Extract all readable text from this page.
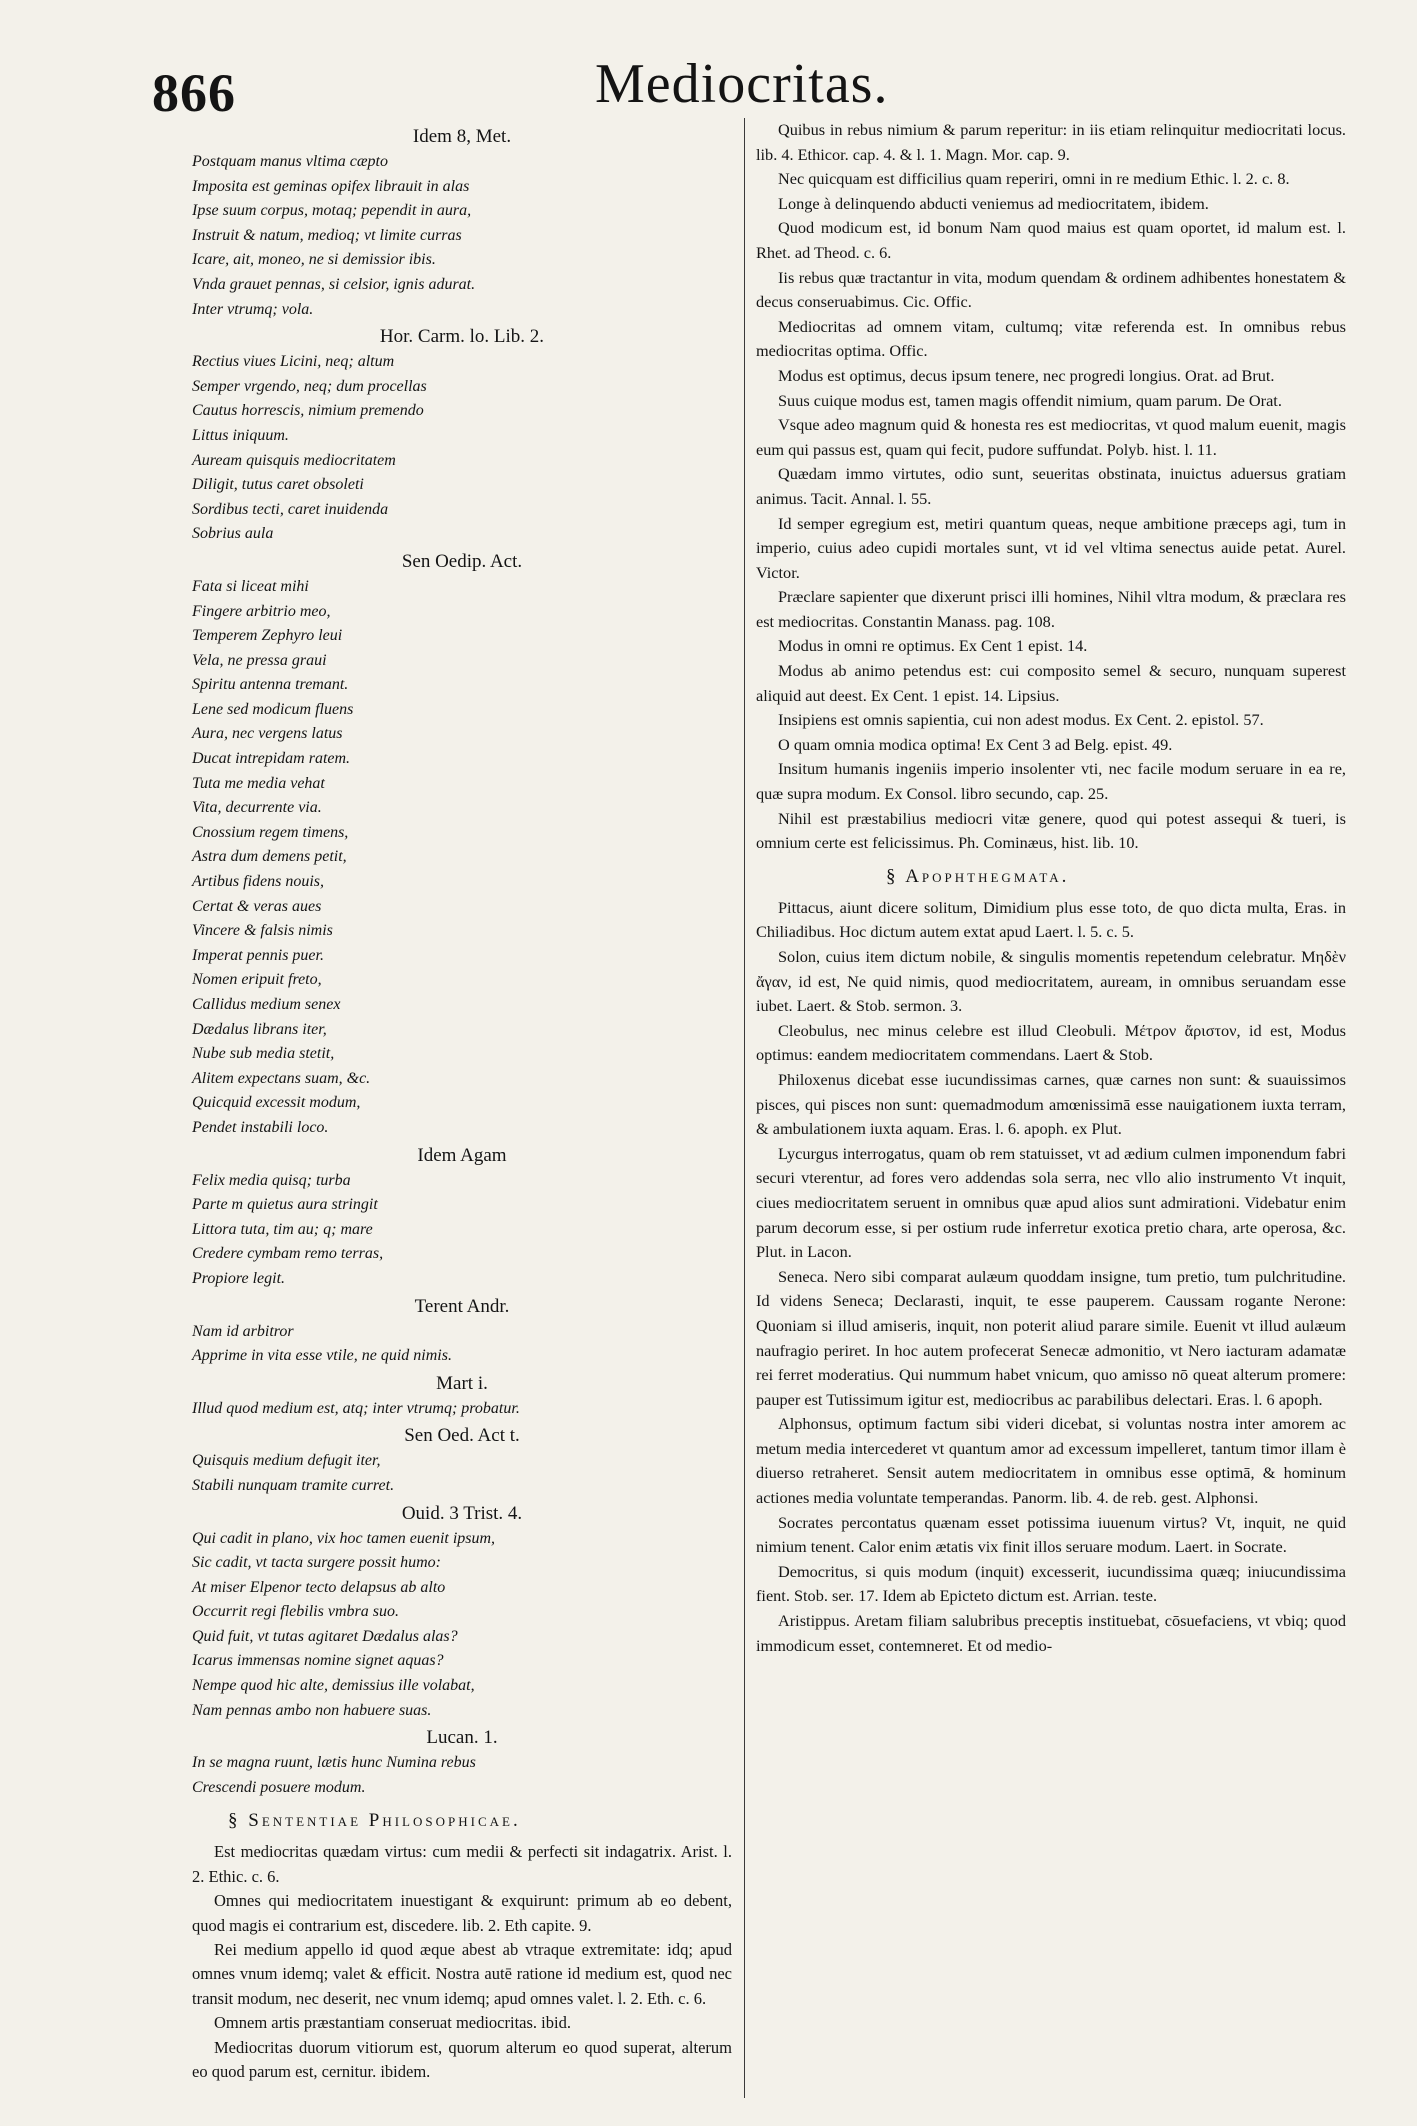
866	Mediocritas.
Idem 8, Met.
Postquam manus vltima cæpto
Imposita est geminas opifex librauit in alas
Ipse suum corpus, motaq; pependit in aura,
Instruit & natum, medioq; vt limite curras
Icare, ait, moneo, ne si demissior ibis.
Vnda grauet pennas, si celsior, ignis adurat.
Inter vtrumq; vola.
Hor. Carm. lo. Lib. 2.
Rectius viues Licini, neq; altum
Semper vrgendo, neq; dum procellas
Cautus horrescis, nimium premendo
Littus iniquum.
Auream quisquis mediocritatem
Diligit, tutus caret obsoleti
Sordibus tecti, caret inuidenda
Sobrius aula
Sen Oedip. Act.
Fata si liceat mihi
Fingere arbitrio meo,
Temperem Zephyro leui
Vela, ne pressa graui
Spiritu antenna tremant.
Lene sed modicum fluens
Aura, nec vergens latus
Ducat intrepidam ratem.
Tuta me media vehat
Vita, decurrente via.
Cnossium regem timens,
Astra dum demens petit,
Artibus fidens nouis,
Certat & veras aues
Vincere & falsis nimis
Imperat pennis puer.
Nomen eripuit freto,
Callidus medium senex
Dædalus librans iter,
Nube sub media stetit,
Alitem expectans suam, &c.
Quicquid excessit modum,
Pendet instabili loco.
Idem Agam
Felix media quisq; turba
Parte m quietus aura stringit
Littora tuta, tim au; q; mare
Credere cymbam remo terras,
Propiore legit.
Terent Andr.
Nam id arbitror
Apprime in vita esse vtile, ne quid nimis.
Mart i.
Illud quod medium est, atq; inter vtrumq; probatur.
Sen Oed. Act t.
Quisquis medium defugit iter,
Stabili nunquam tramite curret.
Ouid. 3 Trist. 4.
Qui cadit in plano, vix hoc tamen euenit ipsum,
Sic cadit, vt tacta surgere possit humo:
At miser Elpenor tecto delapsus ab alto
Occurrit regi flebilis vmbra suo.
Quid fuit, vt tutas agitaret Dædalus alas?
Icarus immensas nomine signet aquas?
Nempe quod hic alte, demissius ille volabat,
Nam pennas ambo non habuere suas.
Lucan. 1.
In se magna ruunt, lætis hunc Numina rebus
Crescendi posuere modum.
§ Sententiae Philosophicae.

Est mediocritas quædam virtus: cum medii & perfecti sit indagatrix. Arist. l. 2. Ethic. c. 6.

Omnes qui mediocritatem inuestigant & exquirunt: primum ab eo debent, quod magis ei contrarium est, discedere. lib. 2. Eth capite. 9.

Rei medium appello id quod æque abest ab vtraque extremitate: idq; apud omnes vnum idemq; valet & efficit. Nostra autē ratione id medium est, quod nec transit modum, nec deserit, nec vnum idemq; apud omnes valet. l. 2. Eth. c. 6.

Omnem artis præstantiam conseruat mediocritas. ibid.

Mediocritas duorum vitiorum est, quorum alterum eo quod superat, alterum eo quod parum est, cernitur. ibidem.

Quibus in rebus nimium & parum reperitur: in iis etiam relinquitur mediocritati locus. lib. 4. Ethicor. cap. 4. & l. 1. Magn. Mor. cap. 9.

Nec quicquam est difficilius quam reperiri, omni in re medium Ethic. l. 2. c. 8.

Longe à delinquendo abducti veniemus ad mediocritatem, ibidem.

Quod modicum est, id bonum Nam quod maius est quam oportet, id malum est. l. Rhet. ad Theod. c. 6.

Iis rebus quæ tractantur in vita, modum quendam & ordinem adhibentes honestatem & decus conseruabimus. Cic. Offic.

Mediocritas ad omnem vitam, cultumq; vitæ referenda est. In omnibus rebus mediocritas optima. Offic.

Modus est optimus, decus ipsum tenere, nec progredi longius. Orat. ad Brut.

Suus cuique modus est, tamen magis offendit nimium, quam parum. De Orat.

Vsque adeo magnum quid & honesta res est mediocritas, vt quod malum euenit, magis eum qui passus est, quam qui fecit, pudore suffundat. Polyb. hist. l. 11.

Quædam immo virtutes, odio sunt, seueritas obstinata, inuictus aduersus gratiam animus. Tacit. Annal. l. 55.

Id semper egregium est, metiri quantum queas, neque ambitione præceps agi, tum in imperio, cuius adeo cupidi mortales sunt, vt id vel vltima senectus auide petat. Aurel. Victor.

Præclare sapienter que dixerunt prisci illi homines, Nihil vltra modum, & præclara res est mediocritas. Constantin Manass. pag. 108.

Modus in omni re optimus. Ex Cent 1 epist. 14.

Modus ab animo petendus est: cui composito semel & securo, nunquam superest aliquid aut deest. Ex Cent. 1 epist. 14. Lipsius.

Insipiens est omnis sapientia, cui non adest modus. Ex Cent. 2. epistol. 57.

O quam omnia modica optima! Ex Cent 3 ad Belg. epist. 49.

Insitum humanis ingeniis imperio insolenter vti, nec facile modum seruare in ea re, quæ supra modum. Ex Consol. libro secundo, cap. 25.

Nihil est præstabilius mediocri vitæ genere, quod qui potest assequi & tueri, is omnium certe est felicissimus. Ph. Cominæus, hist. lib. 10.

§ Apophthegmata.

Pittacus, aiunt dicere solitum, Dimidium plus esse toto, de quo dicta multa, Eras. in Chiliadibus. Hoc dictum autem extat apud Laert. l. 5. c. 5.

Solon, cuius item dictum nobile, & singulis momentis repetendum celebratur. Μηδὲν ἄγαν, id est, Ne quid nimis, quod mediocritatem, auream, in omnibus seruandam esse iubet. Laert. & Stob. sermon. 3.

Cleobulus, nec minus celebre est illud Cleobuli. Μέτρον ἄριστον, id est, Modus optimus: eandem mediocritatem commendans. Laert & Stob.

Philoxenus dicebat esse iucundissimas carnes, quæ carnes non sunt: & suauissimos pisces, qui pisces non sunt: quemadmodum amœnissimā esse nauigationem iuxta terram, & ambulationem iuxta aquam. Eras. l. 6. apoph. ex Plut.

Lycurgus interrogatus, quam ob rem statuisset, vt ad ædium culmen imponendum fabri securi vterentur, ad fores vero addendas sola serra, nec vllo alio instrumento Vt inquit, ciues mediocritatem seruent in omnibus quæ apud alios sunt admirationi. Videbatur enim parum decorum esse, si per ostium rude inferretur exotica pretio chara, arte operosa, &c. Plut. in Lacon.

Seneca. Nero sibi comparat aulæum quoddam insigne, tum pretio, tum pulchritudine. Id videns Seneca; Declarasti, inquit, te esse pauperem. Caussam rogante Nerone: Quoniam si illud amiseris, inquit, non poterit aliud parare simile. Euenit vt illud aulæum naufragio periret. In hoc autem profecerat Senecæ admonitio, vt Nero iacturam adamatæ rei ferret moderatius. Qui nummum habet vnicum, quo amisso nō queat alterum promere: pauper est Tutissimum igitur est, mediocribus ac parabilibus delectari. Eras. l. 6 apoph.

Alphonsus, optimum factum sibi videri dicebat, si voluntas nostra inter amorem ac metum media intercederet vt quantum amor ad excessum impelleret, tantum timor illam è diuerso retraheret. Sensit autem mediocritatem in omnibus esse optimā, & hominum actiones media voluntate temperandas. Panorm. lib. 4. de reb. gest. Alphonsi.

Socrates percontatus quænam esset potissima iuuenum virtus? Vt, inquit, ne quid nimium tenent. Calor enim ætatis vix finit illos seruare modum. Laert. in Socrate.

Democritus, si quis modum (inquit) excesserit, iucundissima quæq; iniucundissima fient. Stob. ser. 17. Idem ab Epicteto dictum est. Arrian. teste.

Aristippus. Aretam filiam salubribus preceptis instituebat, cōsuefaciens, vt vbiq; quod immodicum esset, contemneret. Et od medio-
